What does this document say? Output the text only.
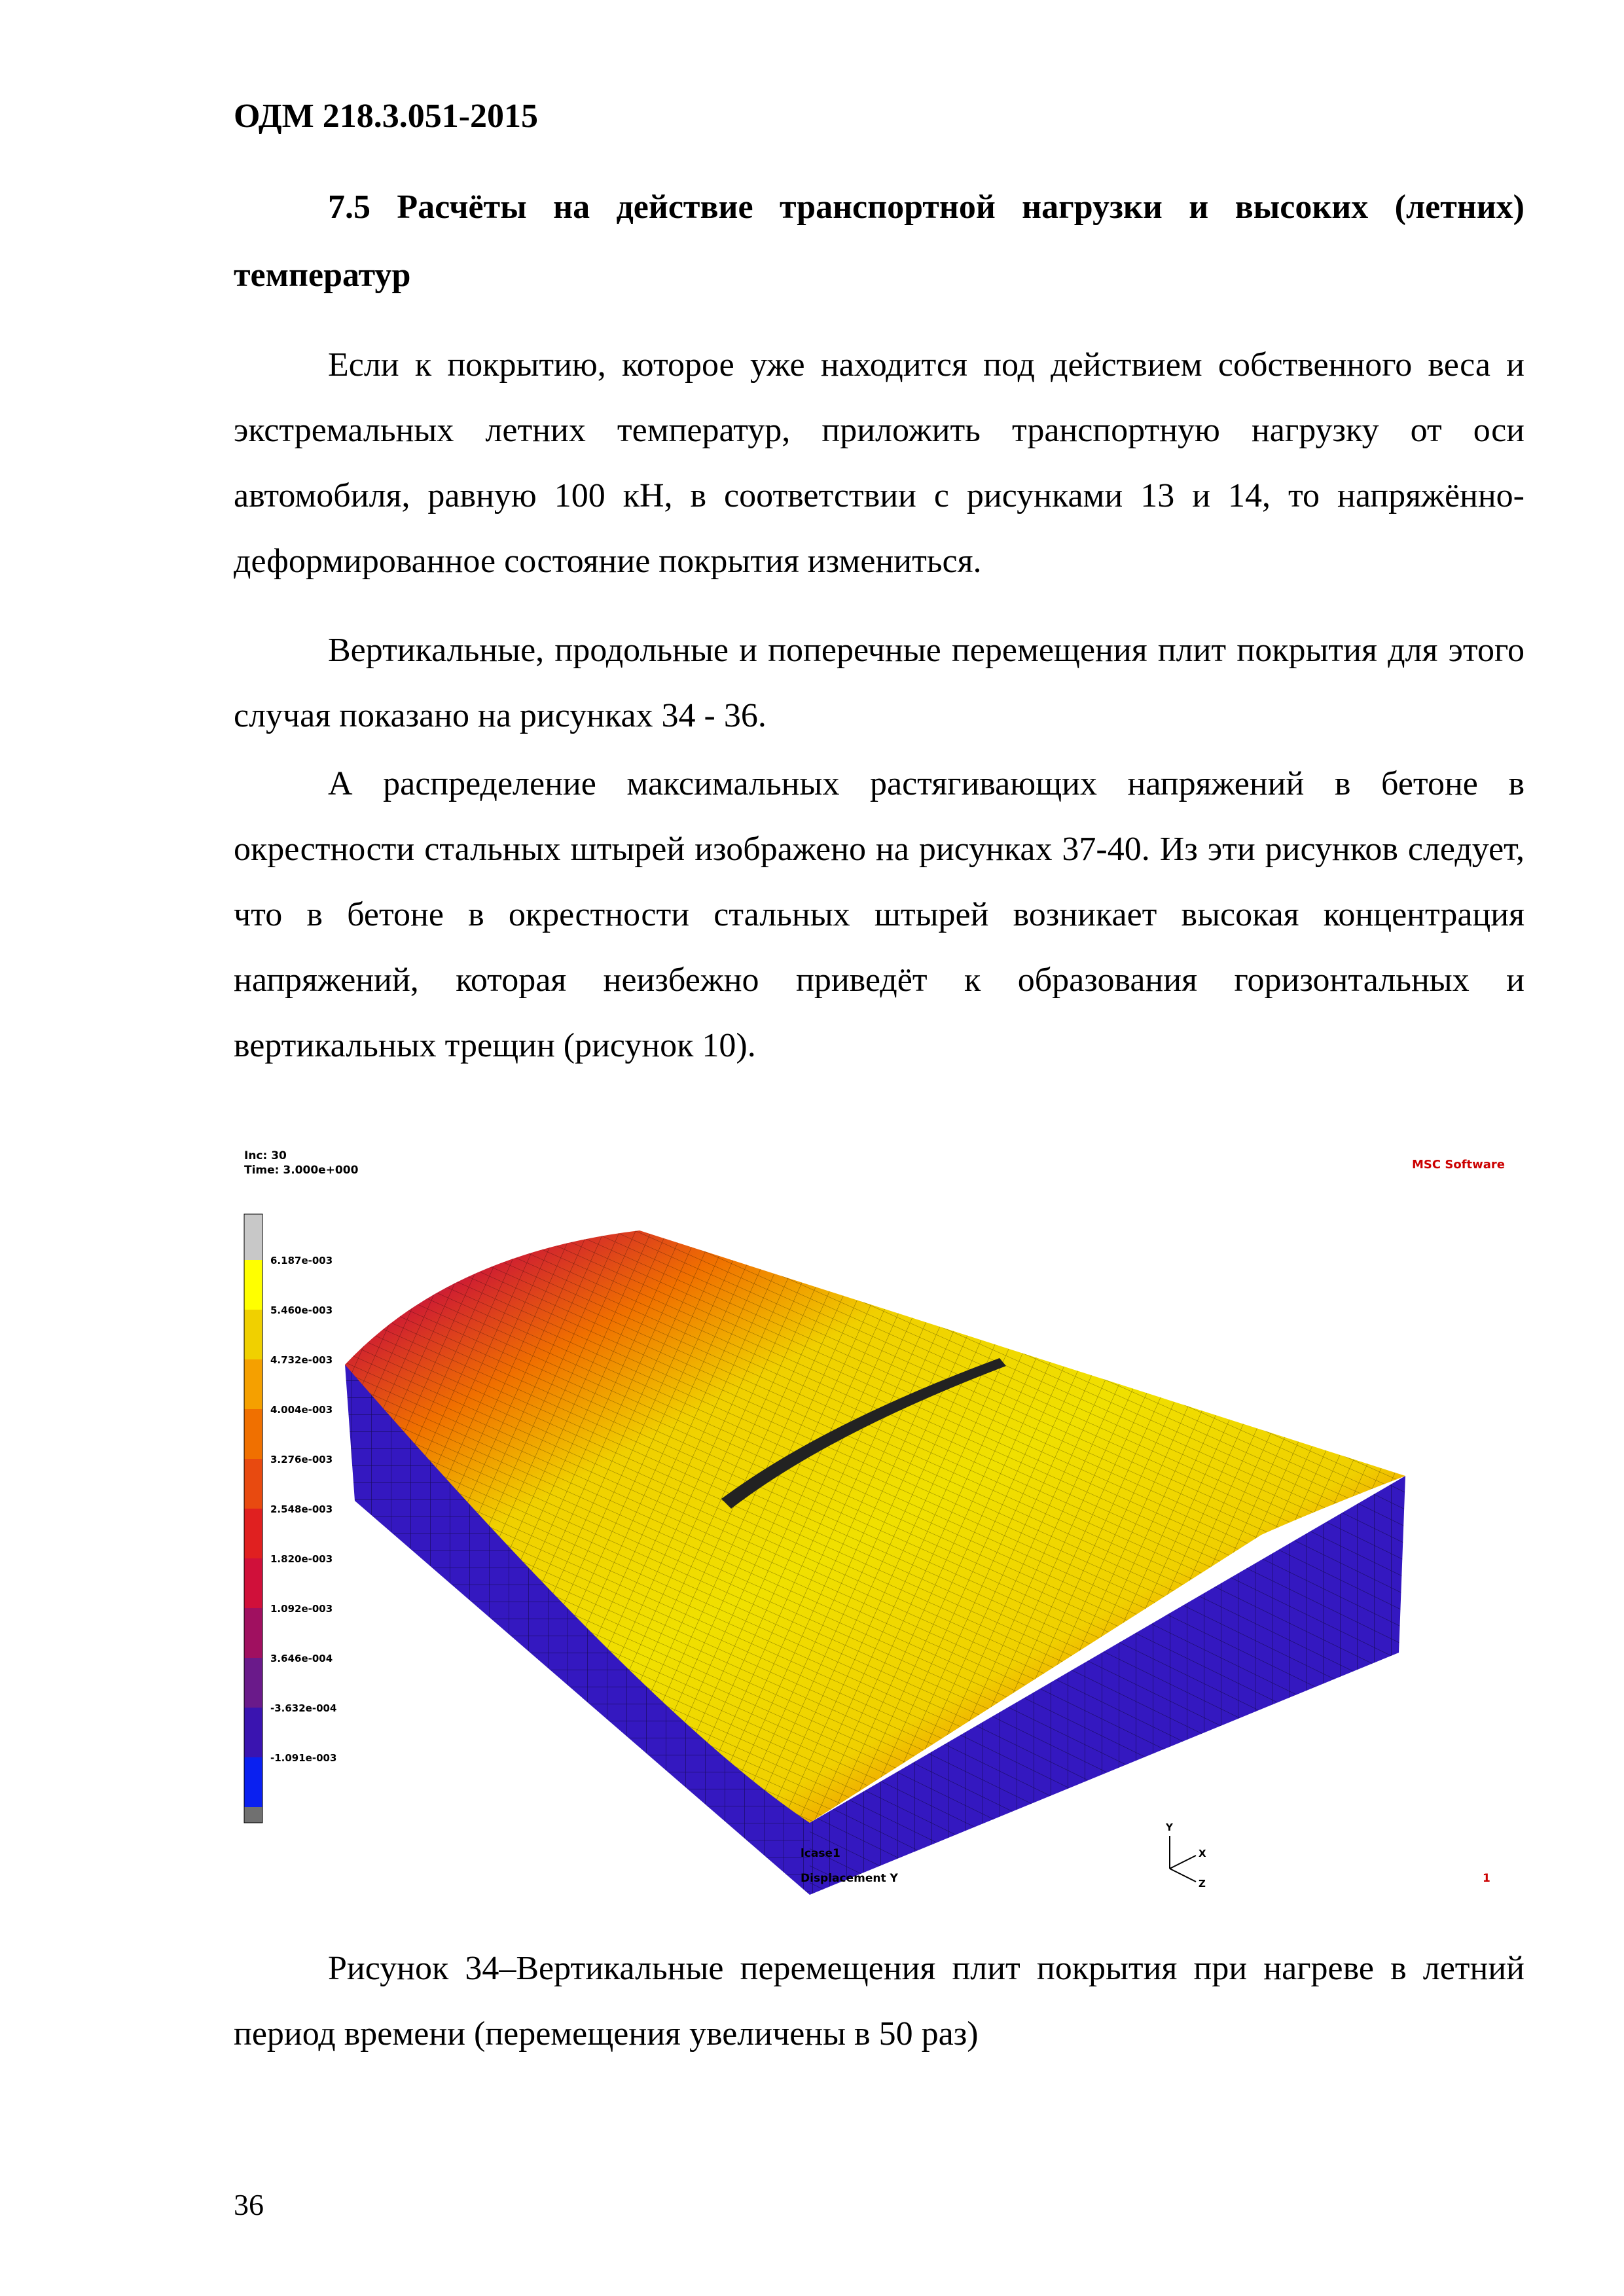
ОДМ 218.3.051-2015
7.5 Расчёты на действие транспортной нагрузки и высоких (летних) температур
Если к покрытию, которое уже находится под действием собственного веса и экстремальных летних температур, приложить транспортную нагрузку от оси автомобиля, равную 100 кН, в соответствии с рисунками 13 и 14, то напряжённо-деформированное состояние покрытия измениться.
Вертикальные, продольные и поперечные перемещения плит покрытия для этого случая показано на рисунках 34 - 36.
А распределение максимальных растягивающих напряжений в бетоне в окрестности стальных штырей изображено на рисунках 37-40. Из эти рисунков следует, что в бетоне в окрестности стальных штырей возникает высокая концентрация напряжений, которая неизбежно приведёт к образования горизонтальных и вертикальных трещин (рисунок 10).
Inc: 30
Time: 3.000e+000	MSC Software
6.187e-003
5.460e-003
4.732e-003
4.004e-003
3.276e-003
2.548e-003
1.820e-003
1.092e-003
3.646e-004
-3.632e-004
-1.091e-003
Y
X
Z
lcase1
Displacement Y	1
Рисунок 34–Вертикальные перемещения плит покрытия при нагреве в летний период времени (перемещения увеличены в 50 раз)
36
